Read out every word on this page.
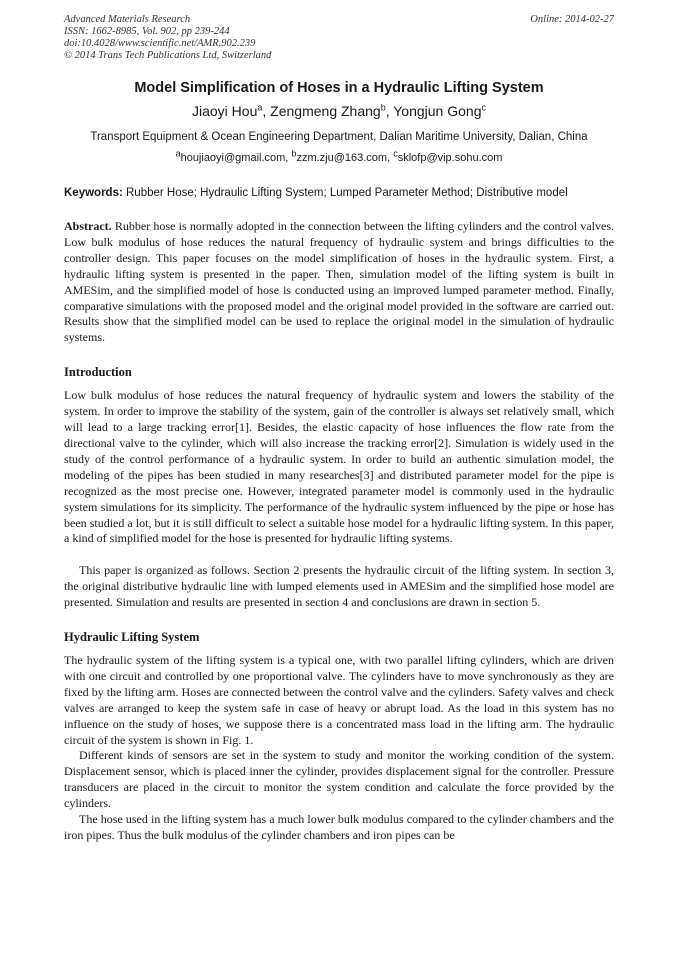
Advanced Materials Research
ISSN: 1662-8985, Vol. 902, pp 239-244
doi:10.4028/www.scientific.net/AMR.902.239
© 2014 Trans Tech Publications Ltd, Switzerland
Online: 2014-02-27
Model Simplification of Hoses in a Hydraulic Lifting System
Jiaoyi Hou$^a$, Zengmeng Zhang$^b$, Yongjun Gong$^c$
Transport Equipment & Ocean Engineering Department, Dalian Maritime University, Dalian, China
$^a$houjiaoyi@gmail.com, $^b$zzm.zju@163.com, $^c$sklofp@vip.sohu.com
Keywords: Rubber Hose; Hydraulic Lifting System; Lumped Parameter Method; Distributive model
Abstract. Rubber hose is normally adopted in the connection between the lifting cylinders and the control valves. Low bulk modulus of hose reduces the natural frequency of hydraulic system and brings difficulties to the controller design. This paper focuses on the model simplification of hoses in the hydraulic system. First, a hydraulic lifting system is presented in the paper. Then, simulation model of the lifting system is built in AMESim, and the simplified model of hose is conducted using an improved lumped parameter method. Finally, comparative simulations with the proposed model and the original model provided in the software are carried out. Results show that the simplified model can be used to replace the original model in the simulation of hydraulic systems.
Introduction

Low bulk modulus of hose reduces the natural frequency of hydraulic system and lowers the stability of the system. In order to improve the stability of the system, gain of the controller is always set relatively small, which will lead to a large tracking error[1]. Besides, the elastic capacity of hose influences the flow rate from the directional valve to the cylinder, which will also increase the tracking error[2]. Simulation is widely used in the study of the control performance of a hydraulic system. In order to build an authentic simulation model, the modeling of the pipes has been studied in many researches[3] and distributed parameter model for the pipe is recognized as the most precise one. However, integrated parameter model is commonly used in the hydraulic system simulations for its simplicity. The performance of the hydraulic system influenced by the pipe or hose has been studied a lot, but it is still difficult to select a suitable hose model for a hydraulic lifting system. In this paper, a kind of simplified model for the hose is presented for hydraulic lifting systems.

This paper is organized as follows. Section 2 presents the hydraulic circuit of the lifting system. In section 3, the original distributive hydraulic line with lumped elements used in AMESim and the simplified hose model are presented. Simulation and results are presented in section 4 and conclusions are drawn in section 5.

Hydraulic Lifting System

The hydraulic system of the lifting system is a typical one, with two parallel lifting cylinders, which are driven with one circuit and controlled by one proportional valve. The cylinders have to move synchronously as they are fixed by the lifting arm. Hoses are connected between the control valve and the cylinders. Safety valves and check valves are arranged to keep the system safe in case of heavy or abrupt load. As the load in this system has no influence on the study of hoses, we suppose there is a concentrated mass load in the lifting arm. The hydraulic circuit of the system is shown in Fig. 1.

Different kinds of sensors are set in the system to study and monitor the working condition of the system. Displacement sensor, which is placed inner the cylinder, provides displacement signal for the controller. Pressure transducers are placed in the circuit to monitor the system condition and calculate the force provided by the cylinders.

The hose used in the lifting system has a much lower bulk modulus compared to the cylinder chambers and the iron pipes. Thus the bulk modulus of the cylinder chambers and iron pipes can be
